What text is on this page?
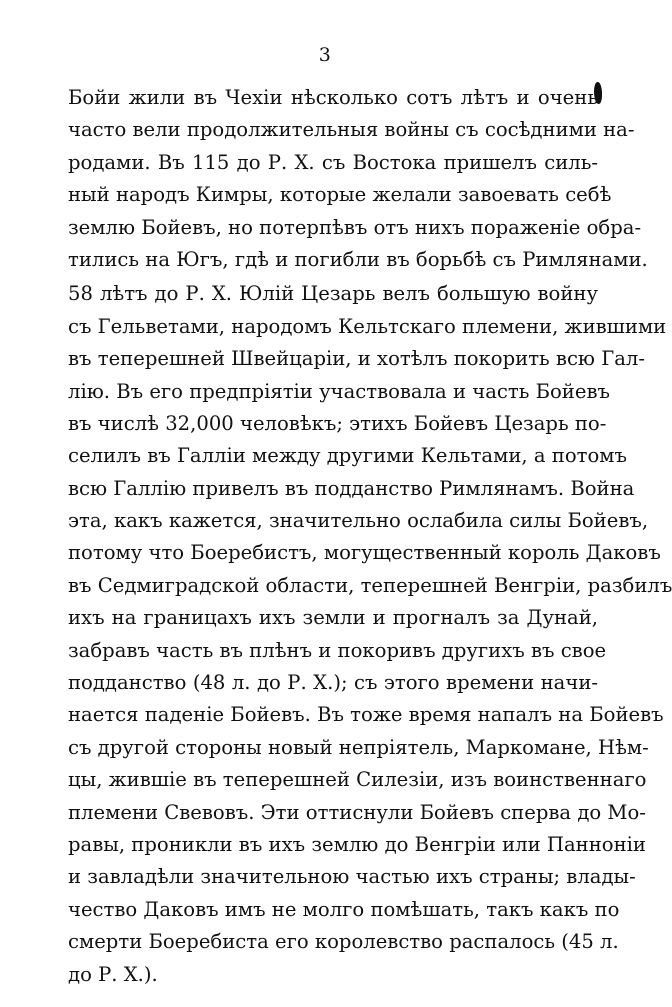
3

Бойи жили въ Чехіи нѣсколько сотъ лѣтъ и очень
часто вели продолжительныя войны съ сосѣдними на-
родами. Въ 115 до Р. Х. съ Востока пришелъ силь-
ный народъ Кимры, которые желали завоевать себѣ
землю Бойевъ, но потерпѣвъ отъ нихъ пораженіе обра-
тились на Югъ, гдѣ и погибли въ борьбѣ съ Римлянами.

58 лѣтъ до Р. Х. Юлій Цезарь велъ большую войну
съ Гельветами, народомъ Кельтскаго племени, жившими
въ теперешней Швейцаріи, и хотѣлъ покорить всю Гал-
лію. Въ его предпріятіи участвовала и часть Бойевъ
въ числѣ 32,000 человѣкъ; этихъ Бойевъ Цезарь по-
селилъ въ Галліи между другими Кельтами, а потомъ
всю Галлію привелъ въ подданство Римлянамъ. Война
эта, какъ кажется, значительно ослабила силы Бойевъ,
потому что Боеребистъ, могущественный король Даковъ
въ Седмиградской области, теперешней Венгріи, разбилъ
ихъ на границахъ ихъ земли и прогналъ за Дунай,
забравъ часть въ плѣнъ и покоривъ другихъ въ свое
подданство (48 л. до Р. Х.); съ этого времени начи-
нается паденіе Бойевъ. Въ тоже время напалъ на Бойевъ
съ другой стороны новый непріятель, Маркомане, Нѣм-
цы, жившіе въ теперешней Силезіи, изъ воинственнаго
племени Свевовъ. Эти оттиснули Бойевъ сперва до Мо-
равы, проникли въ ихъ землю до Венгріи или Панноніи
и завладѣли значительною частью ихъ страны; влады-
чество Даковъ имъ не молго помѣшать, такъ какъ по
смерти Боеребиста его королевство распалось (45 л.
до Р. Х.).
